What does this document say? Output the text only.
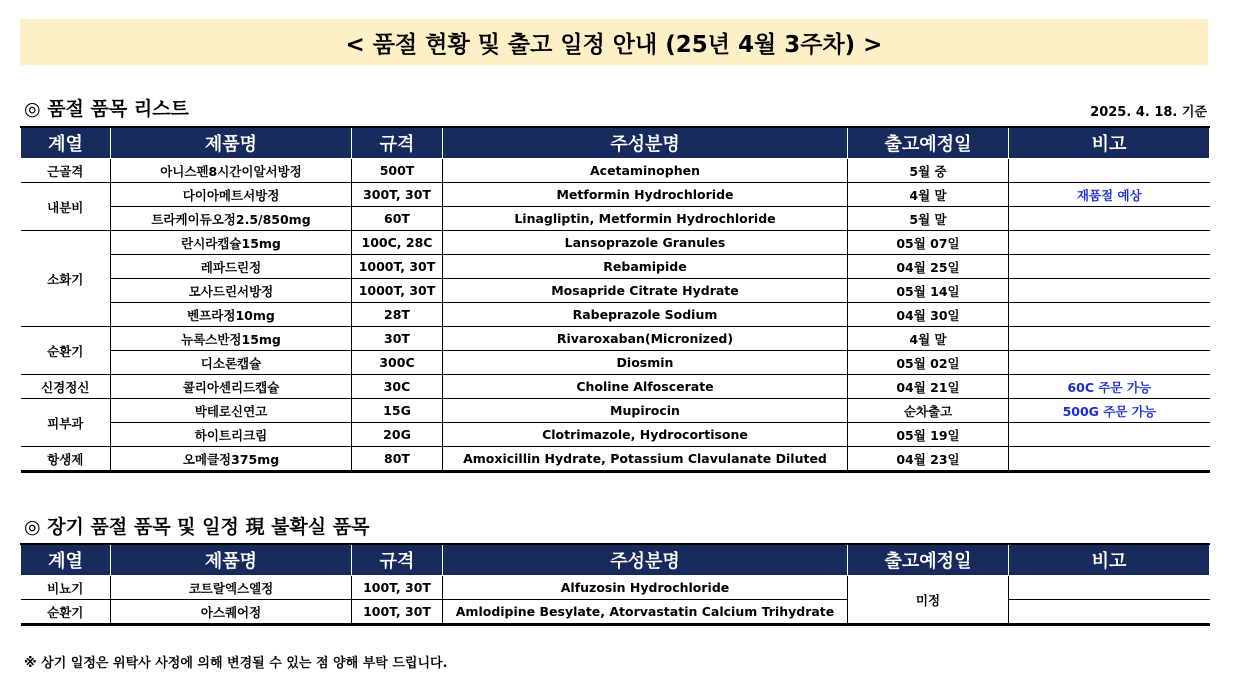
< 품절 현황 및 출고 일정 안내 (25년 4월 3주차) >
◎ 품절 품목 리스트	2025. 4. 18. 기준
계열	제품명	규격	주성분명	출고예정일	비고
근골격	아니스펜8시간이알서방정	500T	Acetaminophen	5월 중	
내분비	다이아메트서방정	300T, 30T	Metformin Hydrochloride	4월 말	재품절 예상
	트라케이듀오정2.5/850mg	60T	Linagliptin, Metformin Hydrochloride	5월 말	
소화기	란시라캡슐15mg	100C, 28C	Lansoprazole Granules	05월 07일	
	레파드린정	1000T, 30T	Rebamipide	04월 25일	
	모사드린서방정	1000T, 30T	Mosapride Citrate Hydrate	05월 14일	
	벤프라정10mg	28T	Rabeprazole Sodium	04월 30일	
순환기	뉴록스반정15mg	30T	Rivaroxaban(Micronized)	4월 말	
	디소론캡슐	300C	Diosmin	05월 02일	
신경정신	콜리아센리드캡슐	30C	Choline Alfoscerate	04월 21일	60C 주문 가능
피부과	박테로신연고	15G	Mupirocin	순차출고	500G 주문 가능
	하이트리크림	20G	Clotrimazole, Hydrocortisone	05월 19일	
항생제	오메클정375mg	80T	Amoxicillin Hydrate, Potassium Clavulanate Diluted	04월 23일	
◎ 장기 품절 품목 및 일정 現 불확실 품목
계열	제품명	규격	주성분명	출고예정일	비고
비뇨기	코트랄엑스엘정	100T, 30T	Alfuzosin Hydrochloride	미정	
순환기	아스퀘어정	100T, 30T	Amlodipine Besylate, Atorvastatin Calcium Trihydrate		
※ 상기 일정은 위탁사 사정에 의해 변경될 수 있는 점 양해 부탁 드립니다.
